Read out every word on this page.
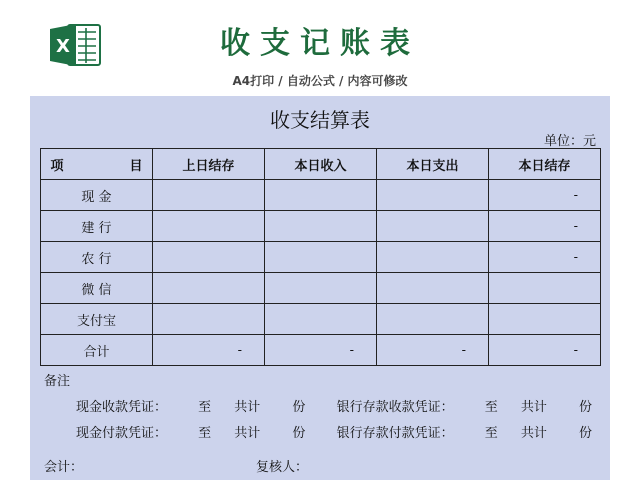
X	收支记账表
A4打印 / 自动公式 / 内容可修改
收支结算表
单位：元
项目	上日结存	本日收入	本日支出	本日结存
现 金				-
建 行				-
农 行				-
微 信				
支付宝				
合计	-	-	-	-
备注
现金收款凭证： 至 共计 份 银行存款收款凭证： 至 共计 份
现金付款凭证： 至 共计 份 银行存款付款凭证： 至 共计 份
会计：	复核人：
